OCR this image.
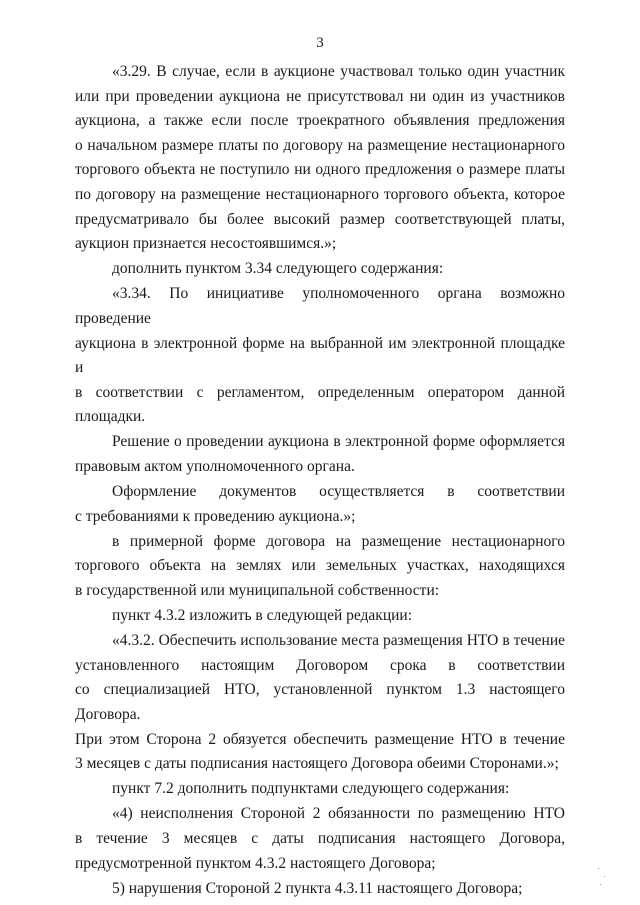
3
«3.29. В случае, если в аукционе участвовал только один участник
или при проведении аукциона не присутствовал ни один из участников
аукциона, а также если после троекратного объявления предложения
о начальном размере платы по договору на размещение нестационарного
торгового объекта не поступило ни одного предложения о размере платы
по договору на размещение нестационарного торгового объекта, которое
предусматривало бы более высокий размер соответствующей платы,
аукцион признается несостоявшимся.»;
дополнить пунктом 3.34 следующего содержания:
«3.34. По инициативе уполномоченного органа возможно проведение
аукциона в электронной форме на выбранной им электронной площадке и
в соответствии с регламентом, определенным оператором данной
площадки.
Решение о проведении аукциона в электронной форме оформляется
правовым актом уполномоченного органа.
Оформление документов осуществляется в соответствии
с требованиями к проведению аукциона.»;
в примерной форме договора на размещение нестационарного
торгового объекта на землях или земельных участках, находящихся
в государственной или муниципальной собственности:
пункт 4.3.2 изложить в следующей редакции:
«4.3.2. Обеспечить использование места размещения НТО в течение
установленного настоящим Договором срока в соответствии
со специализацией НТО, установленной пунктом 1.3 настоящего Договора.
При этом Сторона 2 обязуется обеспечить размещение НТО в течение
3 месяцев с даты подписания настоящего Договора обеими Сторонами.»;
пункт 7.2 дополнить подпунктами следующего содержания:
«4) неисполнения Стороной 2 обязанности по размещению НТО
в течение 3 месяцев с даты подписания настоящего Договора,
предусмотренной пунктом 4.3.2 настоящего Договора;
5) нарушения Стороной 2 пункта 4.3.11 настоящего Договора;
